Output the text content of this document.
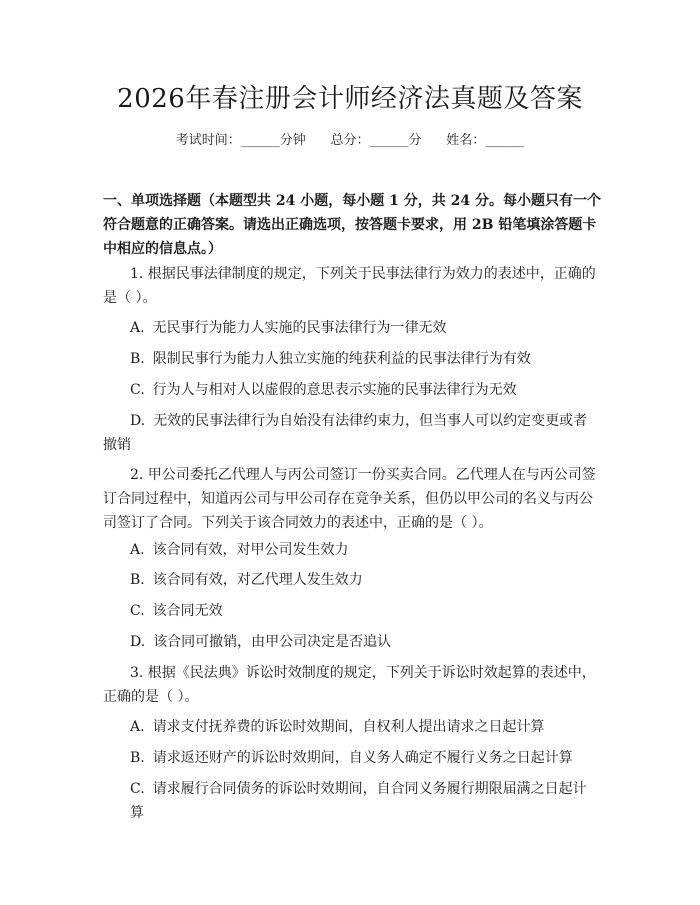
2026年春注册会计师经济法真题及答案
考试时间：______分钟      总分：______分      姓名：______
一、单项选择题（本题型共 24 小题，每小题 1 分，共 24 分。每小题只有一个符合题意的正确答案。请选出正确选项，按答题卡要求，用 2B 铅笔填涂答题卡中相应的信息点。）
1. 根据民事法律制度的规定，下列关于民事法律行为效力的表述中，正确的是（ ）。
A. 无民事行为能力人实施的民事法律行为一律无效
B. 限制民事行为能力人独立实施的纯获利益的民事法律行为有效
C. 行为人与相对人以虚假的意思表示实施的民事法律行为无效
D. 无效的民事法律行为自始没有法律约束力，但当事人可以约定变更或者撤销
2. 甲公司委托乙代理人与丙公司签订一份买卖合同。乙代理人在与丙公司签订合同过程中，知道丙公司与甲公司存在竞争关系，但仍以甲公司的名义与丙公司签订了合同。下列关于该合同效力的表述中，正确的是（ ）。
A. 该合同有效，对甲公司发生效力
B. 该合同有效，对乙代理人发生效力
C. 该合同无效
D. 该合同可撤销，由甲公司决定是否追认
3. 根据《民法典》诉讼时效制度的规定，下列关于诉讼时效起算的表述中，正确的是（ ）。
A. 请求支付抚养费的诉讼时效期间，自权利人提出请求之日起计算
B. 请求返还财产的诉讼时效期间，自义务人确定不履行义务之日起计算
C. 请求履行合同债务的诉讼时效期间，自合同义务履行期限届满之日起计算
